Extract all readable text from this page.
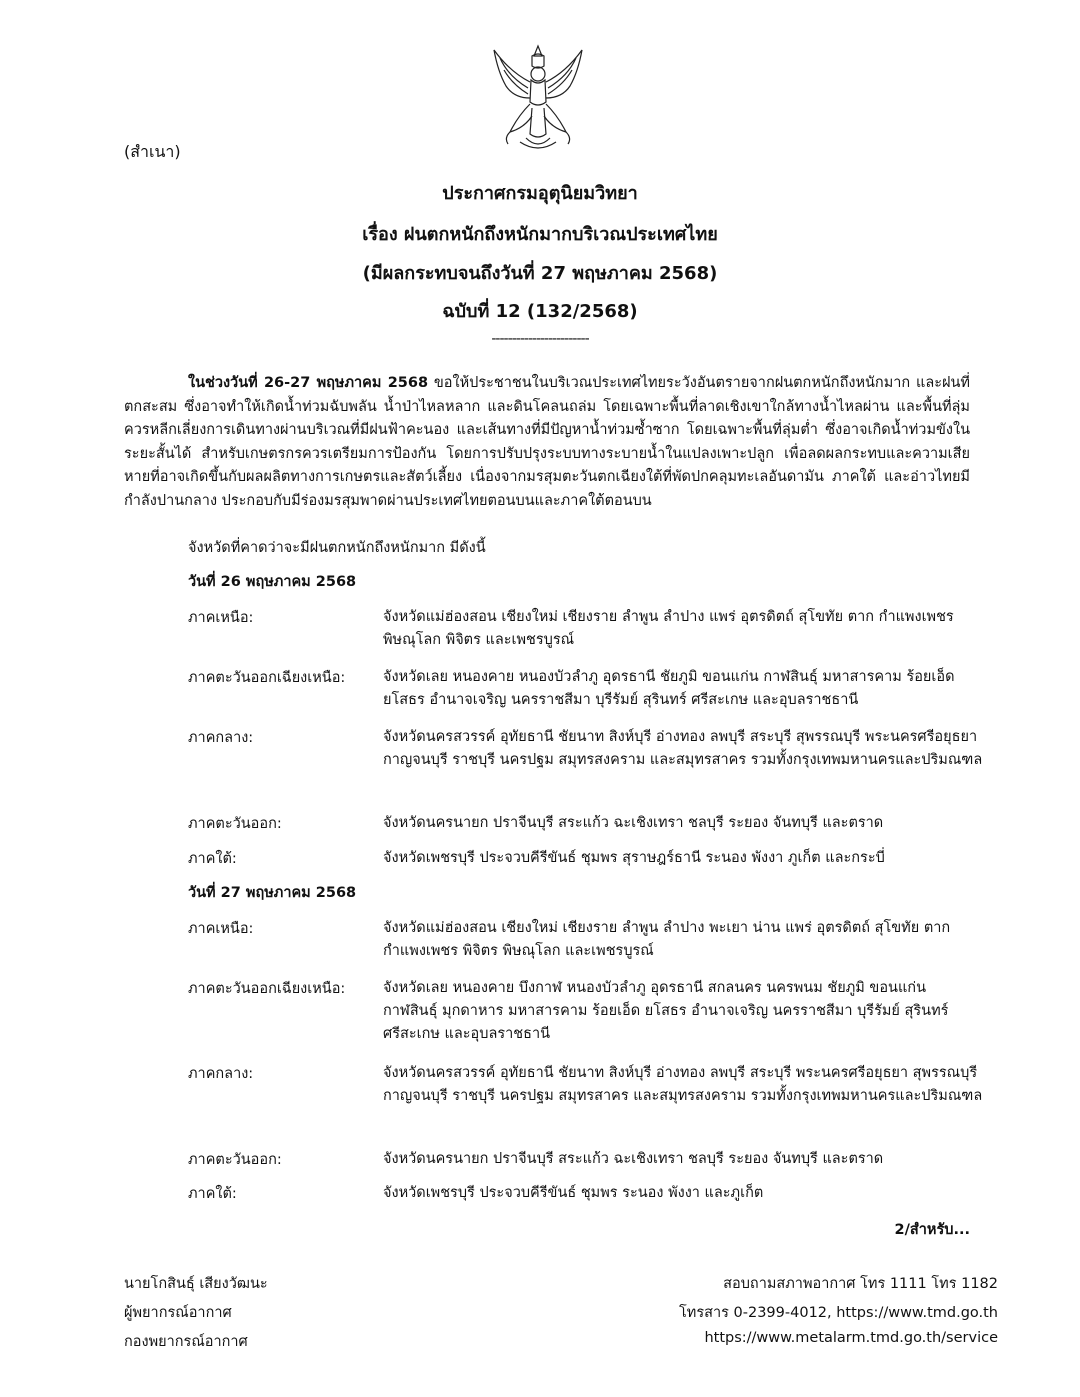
(สำเนา)
ประกาศกรมอุตุนิยมวิทยา
เรื่อง ฝนตกหนักถึงหนักมากบริเวณประเทศไทย
(มีผลกระทบจนถึงวันที่ 27 พฤษภาคม 2568)
ฉบับที่ 12 (132/2568)
------------------------
ในช่วงวันที่ 26-27 พฤษภาคม 2568 ขอให้ประชาชนในบริเวณประเทศไทยระวังอันตรายจากฝนตกหนักถึงหนักมาก และฝนที่ตกสะสม ซึ่งอาจทำให้เกิดน้ำท่วมฉับพลัน น้ำป่าไหลหลาก และดินโคลนถล่ม โดยเฉพาะพื้นที่ลาดเชิงเขาใกล้ทางน้ำไหลผ่าน และพื้นที่ลุ่ม ควรหลีกเลี่ยงการเดินทางผ่านบริเวณที่มีฝนฟ้าคะนอง และเส้นทางที่มีปัญหาน้ำท่วมซ้ำซาก โดยเฉพาะพื้นที่ลุ่มต่ำ ซึ่งอาจเกิดน้ำท่วมขังในระยะสั้นได้ สำหรับเกษตรกรควรเตรียมการป้องกัน โดยการปรับปรุงระบบทางระบายน้ำในแปลงเพาะปลูก เพื่อลดผลกระทบและความเสียหายที่อาจเกิดขึ้นกับผลผลิตทางการเกษตรและสัตว์เลี้ยง เนื่องจากมรสุมตะวันตกเฉียงใต้ที่พัดปกคลุมทะเลอันดามัน ภาคใต้ และอ่าวไทยมีกำลังปานกลาง ประกอบกับมีร่องมรสุมพาดผ่านประเทศไทยตอนบนและภาคใต้ตอนบน
จังหวัดที่คาดว่าจะมีฝนตกหนักถึงหนักมาก มีดังนี้
วันที่ 26 พฤษภาคม 2568
ภาคเหนือ:	จังหวัดแม่ฮ่องสอน เชียงใหม่ เชียงราย ลำพูน ลำปาง แพร่ อุตรดิตถ์ สุโขทัย ตาก กำแพงเพชร พิษณุโลก พิจิตร และเพชรบูรณ์
ภาคตะวันออกเฉียงเหนือ:	จังหวัดเลย หนองคาย หนองบัวลำภู อุดรธานี ชัยภูมิ ขอนแก่น กาฬสินธุ์ มหาสารคาม ร้อยเอ็ด ยโสธร อำนาจเจริญ นครราชสีมา บุรีรัมย์ สุรินทร์ ศรีสะเกษ และอุบลราชธานี
ภาคกลาง:	จังหวัดนครสวรรค์ อุทัยธานี ชัยนาท สิงห์บุรี อ่างทอง ลพบุรี สระบุรี สุพรรณบุรี พระนครศรีอยุธยา กาญจนบุรี ราชบุรี นครปฐม สมุทรสงคราม และสมุทรสาคร รวมทั้งกรุงเทพมหานครและปริมณฑล
ภาคตะวันออก:	จังหวัดนครนายก ปราจีนบุรี สระแก้ว ฉะเชิงเทรา ชลบุรี ระยอง จันทบุรี และตราด
ภาคใต้:	จังหวัดเพชรบุรี ประจวบคีรีขันธ์ ชุมพร สุราษฎร์ธานี ระนอง พังงา ภูเก็ต และกระบี่
วันที่ 27 พฤษภาคม 2568
ภาคเหนือ:	จังหวัดแม่ฮ่องสอน เชียงใหม่ เชียงราย ลำพูน ลำปาง พะเยา น่าน แพร่ อุตรดิตถ์ สุโขทัย ตาก กำแพงเพชร พิจิตร พิษณุโลก และเพชรบูรณ์
ภาคตะวันออกเฉียงเหนือ:	จังหวัดเลย หนองคาย บึงกาฬ หนองบัวลำภู อุดรธานี สกลนคร นครพนม ชัยภูมิ ขอนแก่น กาฬสินธุ์ มุกดาหาร มหาสารคาม ร้อยเอ็ด ยโสธร อำนาจเจริญ นครราชสีมา บุรีรัมย์ สุรินทร์ ศรีสะเกษ และอุบลราชธานี
ภาคกลาง:	จังหวัดนครสวรรค์ อุทัยธานี ชัยนาท สิงห์บุรี อ่างทอง ลพบุรี สระบุรี พระนครศรีอยุธยา สุพรรณบุรี กาญจนบุรี ราชบุรี นครปฐม สมุทรสาคร และสมุทรสงคราม รวมทั้งกรุงเทพมหานครและปริมณฑล
ภาคตะวันออก:	จังหวัดนครนายก ปราจีนบุรี สระแก้ว ฉะเชิงเทรา ชลบุรี ระยอง จันทบุรี และตราด
ภาคใต้:	จังหวัดเพชรบุรี ประจวบคีรีขันธ์ ชุมพร ระนอง พังงา และภูเก็ต
2/สำหรับ...
นายโกสินธุ์ เสียงวัฒนะ
ผู้พยากรณ์อากาศ
กองพยากรณ์อากาศ
สอบถามสภาพอากาศ โทร 1111 โทร 1182
โทรสาร 0-2399-4012, https://www.tmd.go.th
https://www.metalarm.tmd.go.th/service
